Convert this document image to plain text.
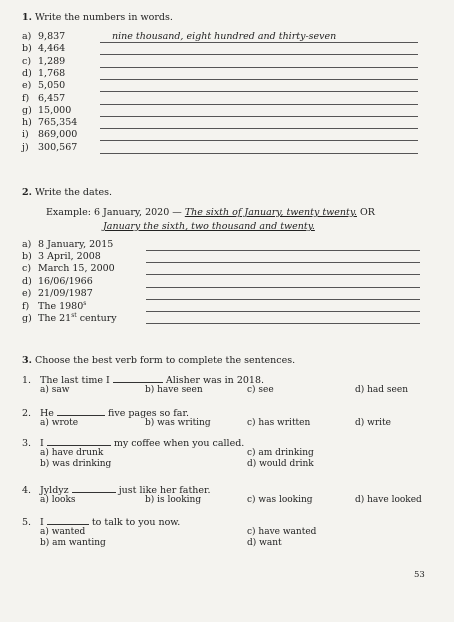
1. Write the numbers in words.
a) 9,837	nine thousand, eight hundred and thirty-seven
b) 4,464
c) 1,289
d) 1,768
e) 5,050
f) 6,457
g) 15,000
h) 765,354
i) 869,000
j) 300,567
2. Write the dates.
Example: 6 January, 2020 — The sixth of January, twenty twenty. OR
January the sixth, two thousand and twenty.
a) 8 January, 2015
b) 3 April, 2008
c) March 15, 2000
d) 16/06/1966
e) 21/09/1987
f) The 1980$^s$
g) The 21st century
3. Choose the best verb form to complete the sentences.
1. The last time I	Alisher was in 2018.
a) saw	b) have seen	c) see	d) had seen
2. He	five pages so far.
a) wrote	b) was writing	c) has written	d) write
3. I	my coffee when you called.
a) have drunk
b) was drinking
c) am drinking
d) would drink
4. Jyldyz	just like her father.
a) looks	b) is looking	c) was looking	d) have looked
5. I	to talk to you now.
a) wanted
b) am wanting
c) have wanted
d) want
53
